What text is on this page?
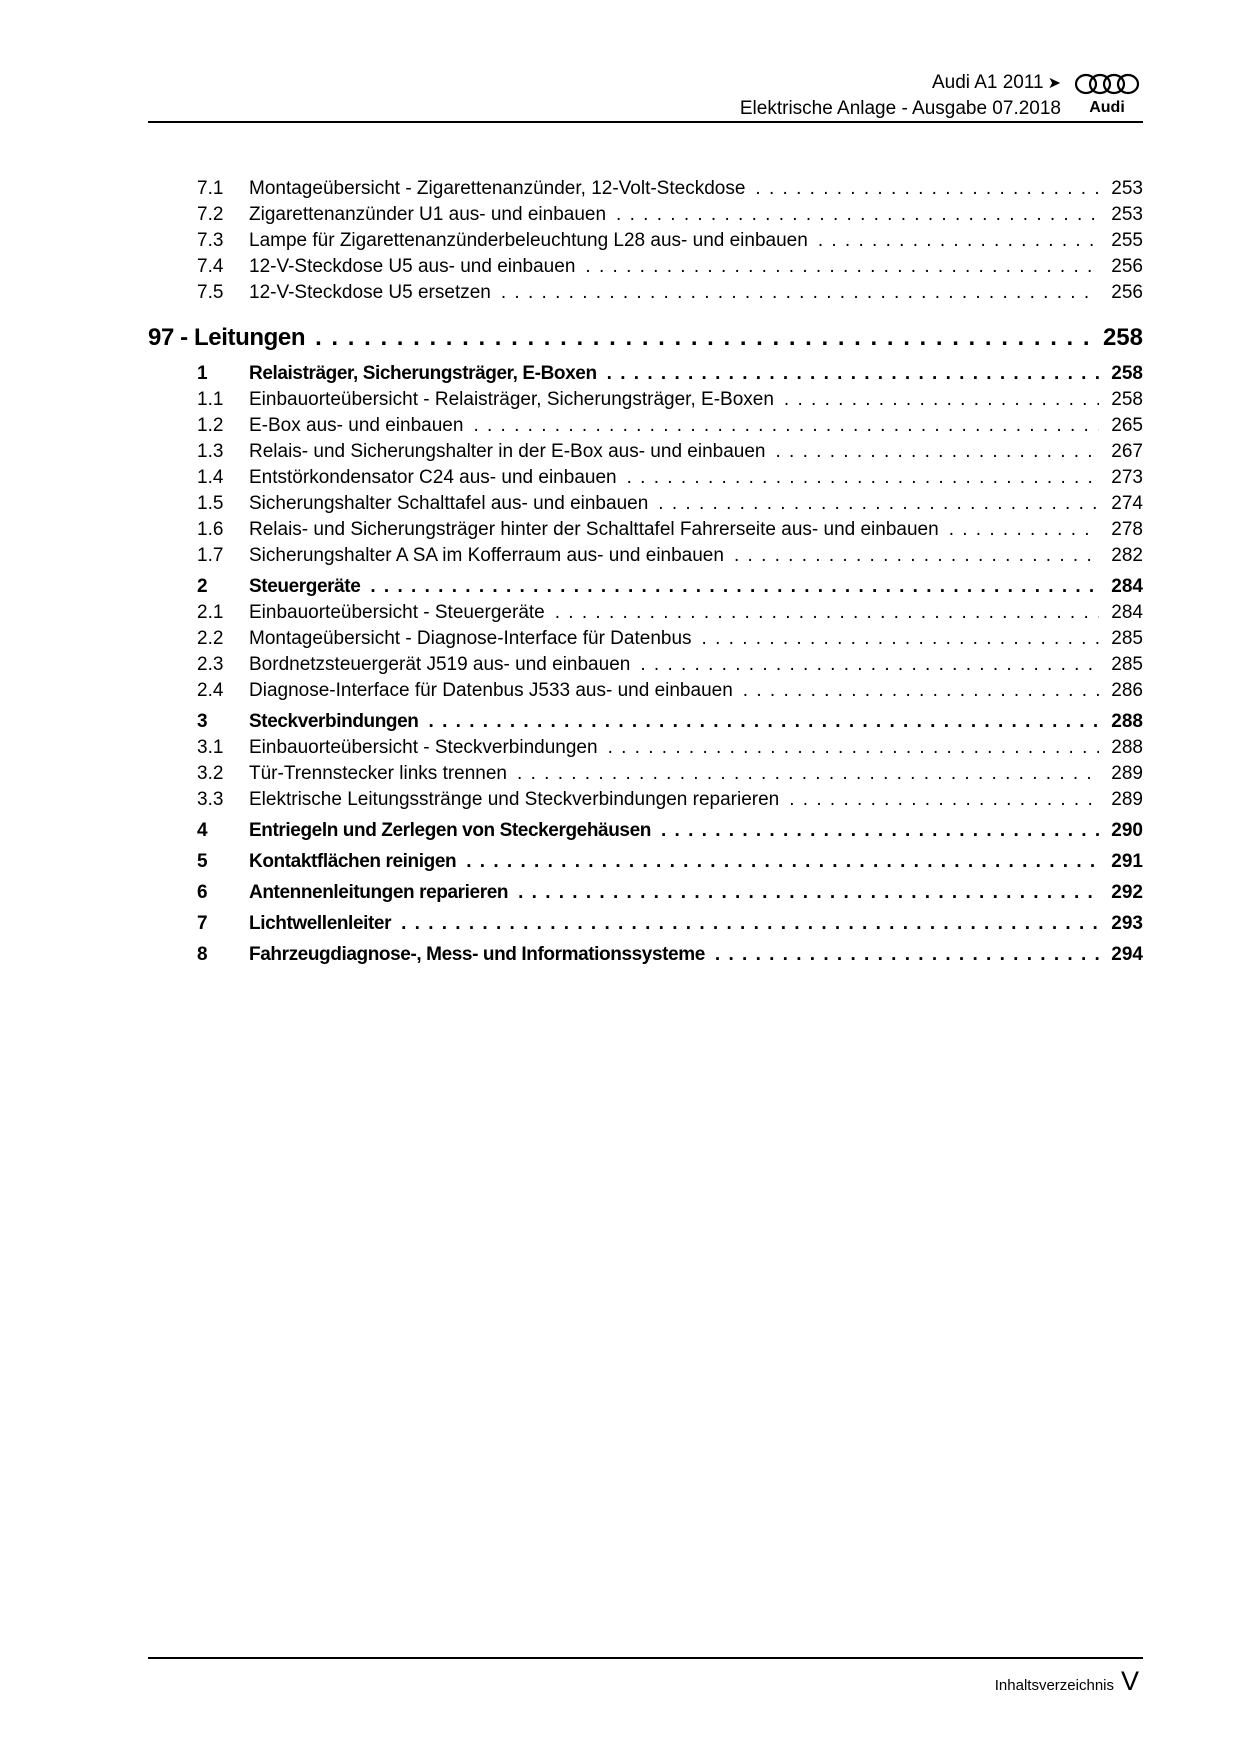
Audi A1 2011 ➤
Elektrische Anlage - Ausgabe 07.2018 Audi
7.1	Montageübersicht - Zigarettenanzünder, 12-Volt-Steckdose . . .	253
7.2	Zigarettenanzünder U1 aus- und einbauen . . .	253
7.3	Lampe für Zigarettenanzünderbeleuchtung L28 aus- und einbauen . . .	255
7.4	12-V-Steckdose U5 aus- und einbauen . . .	256
7.5	12-V-Steckdose U5 ersetzen . . .	256
97 - Leitungen . . .	258
1	Relaisträger, Sicherungsträger, E-Boxen . . .	258
1.1	Einbauorteübersicht - Relaisträger, Sicherungsträger, E-Boxen . . .	258
1.2	E-Box aus- und einbauen . . .	265
1.3	Relais- und Sicherungshalter in der E-Box aus- und einbauen . . .	267
1.4	Entstörkondensator C24 aus- und einbauen . . .	273
1.5	Sicherungshalter Schalttafel aus- und einbauen . . .	274
1.6	Relais- und Sicherungsträger hinter der Schalttafel Fahrerseite aus- und einbauen . . .	278
1.7	Sicherungshalter A SA im Kofferraum aus- und einbauen . . .	282
2	Steuergeräte . . .	284
2.1	Einbauorteübersicht - Steuergeräte . . .	284
2.2	Montageübersicht - Diagnose-Interface für Datenbus . . .	285
2.3	Bordnetzsteuergerät J519 aus- und einbauen . . .	285
2.4	Diagnose-Interface für Datenbus J533 aus- und einbauen . . .	286
3	Steckverbindungen . . .	288
3.1	Einbauorteübersicht - Steckverbindungen . . .	288
3.2	Tür-Trennstecker links trennen . . .	289
3.3	Elektrische Leitungsstränge und Steckverbindungen reparieren . . .	289
4	Entriegeln und Zerlegen von Steckergehäusen . . .	290
5	Kontaktflächen reinigen . . .	291
6	Antennenleitungen reparieren . . .	292
7	Lichtwellenleiter . . .	293
8	Fahrzeugdiagnose-, Mess- und Informationssysteme . . .	294
Inhaltsverzeichnis V
